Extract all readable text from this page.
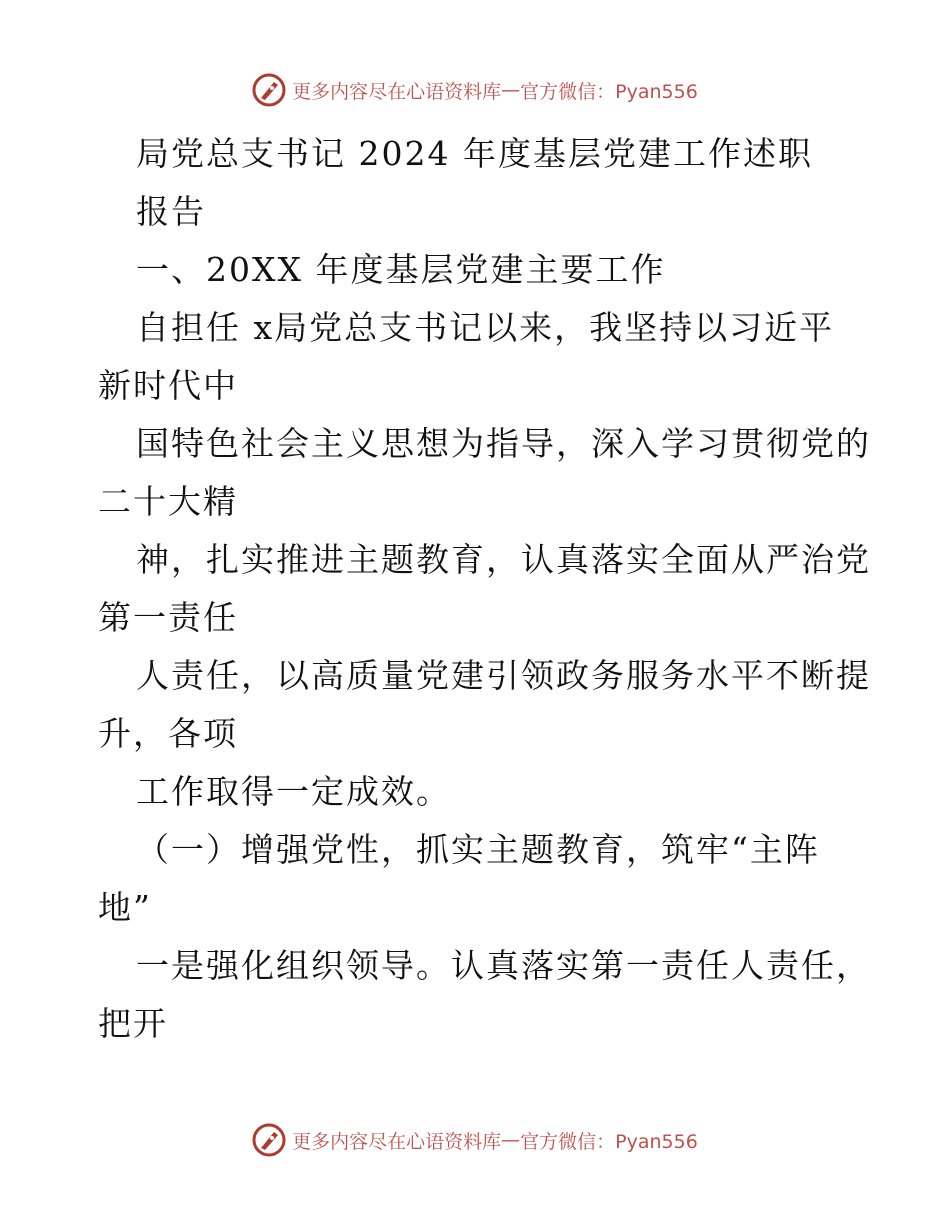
更多内容尽在心语资料库 — 官方微信：Pyan556
局党总支书记 2024 年度基层党建工作述职
报告
一、20XX 年度基层党建主要工作
自担任 x局党总支书记以来，我坚持以习近平
新时代中
国特色社会主义思想为指导，深入学习贯彻党的
二十大精
神，扎实推进主题教育，认真落实全面从严治党
第一责任
人责任，以高质量党建引领政务服务水平不断提
升，各项
工作取得一定成效。
（一）增强党性，抓实主题教育，筑牢“主阵
地”
一是强化组织领导。认真落实第一责任人责任，
把开
更多内容尽在心语资料库 — 官方微信：Pyan556
